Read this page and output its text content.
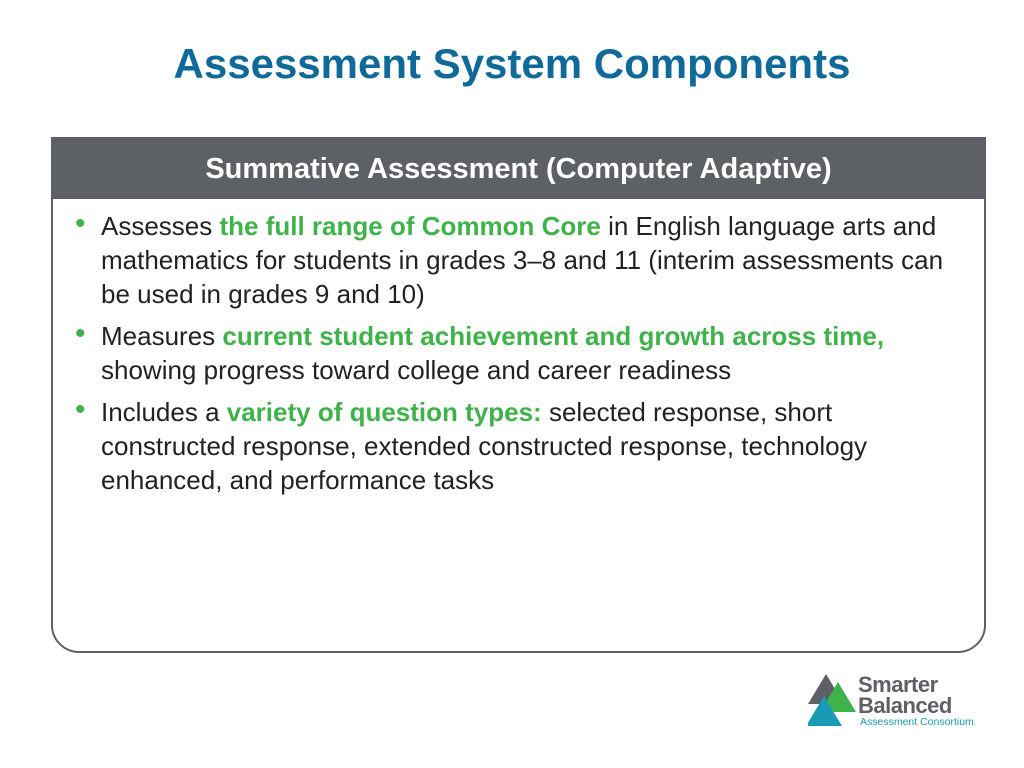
Assessment System Components
Summative Assessment (Computer Adaptive)
• Assesses the full range of Common Core in English language arts and mathematics for students in grades 3–8 and 11 (interim assessments can be used in grades 9 and 10)
• Measures current student achievement and growth across time, showing progress toward college and career readiness
• Includes a variety of question types: selected response, short constructed response, extended constructed response, technology enhanced, and performance tasks
Smarter
Balanced
Assessment Consortium
